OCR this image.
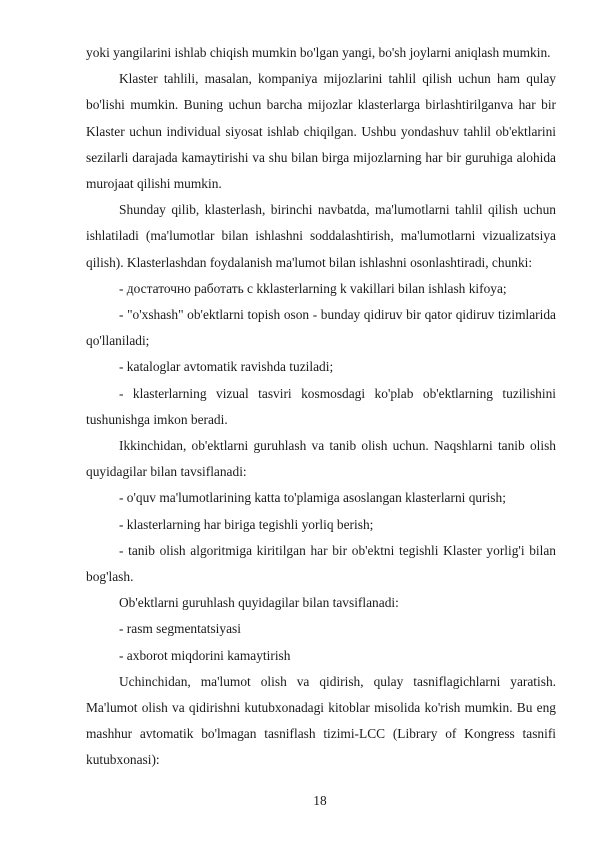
yoki yangilarini ishlab chiqish mumkin bo'lgan yangi, bo'sh joylarni aniqlash mumkin.

Klaster tahlili, masalan, kompaniya mijozlarini tahlil qilish uchun ham qulay bo'lishi mumkin. Buning uchun barcha mijozlar klasterlarga birlashtirilganva har bir Klaster uchun individual siyosat ishlab chiqilgan. Ushbu yondashuv tahlil ob'ektlarini sezilarli darajada kamaytirishi va shu bilan birga mijozlarning har bir guruhiga alohida murojaat qilishi mumkin.

Shunday qilib, klasterlash, birinchi navbatda, ma'lumotlarni tahlil qilish uchun ishlatiladi (ma'lumotlar bilan ishlashni soddalashtirish, ma'lumotlarni vizualizatsiya qilish). Klasterlashdan foydalanish ma'lumot bilan ishlashni osonlashtiradi, chunki:

- достаточно работать с kklasterlarning k vakillari bilan ishlash kifoya;

- "o'xshash" ob'ektlarni topish oson - bunday qidiruv bir qator qidiruv tizimlarida qo'llaniladi;

- kataloglar avtomatik ravishda tuziladi;

- klasterlarning vizual tasviri kosmosdagi ko'plab ob'ektlarning tuzilishini tushunishga imkon beradi.

Ikkinchidan, ob'ektlarni guruhlash va tanib olish uchun. Naqshlarni tanib olish quyidagilar bilan tavsiflanadi:

- o'quv ma'lumotlarining katta to'plamiga asoslangan klasterlarni qurish;

- klasterlarning har biriga tegishli yorliq berish;

- tanib olish algoritmiga kiritilgan har bir ob'ektni tegishli Klaster yorlig'i bilan bog'lash.

Ob'ektlarni guruhlash quyidagilar bilan tavsiflanadi:

- rasm segmentatsiyasi

- axborot miqdorini kamaytirish

Uchinchidan, ma'lumot olish va qidirish, qulay tasniflagichlarni yaratish. Ma'lumot olish va qidirishni kutubxonadagi kitoblar misolida ko'rish mumkin. Bu eng mashhur avtomatik bo'lmagan tasniflash tizimi-LCC (Library of Kongress tasnifi kutubxonasi):

18
